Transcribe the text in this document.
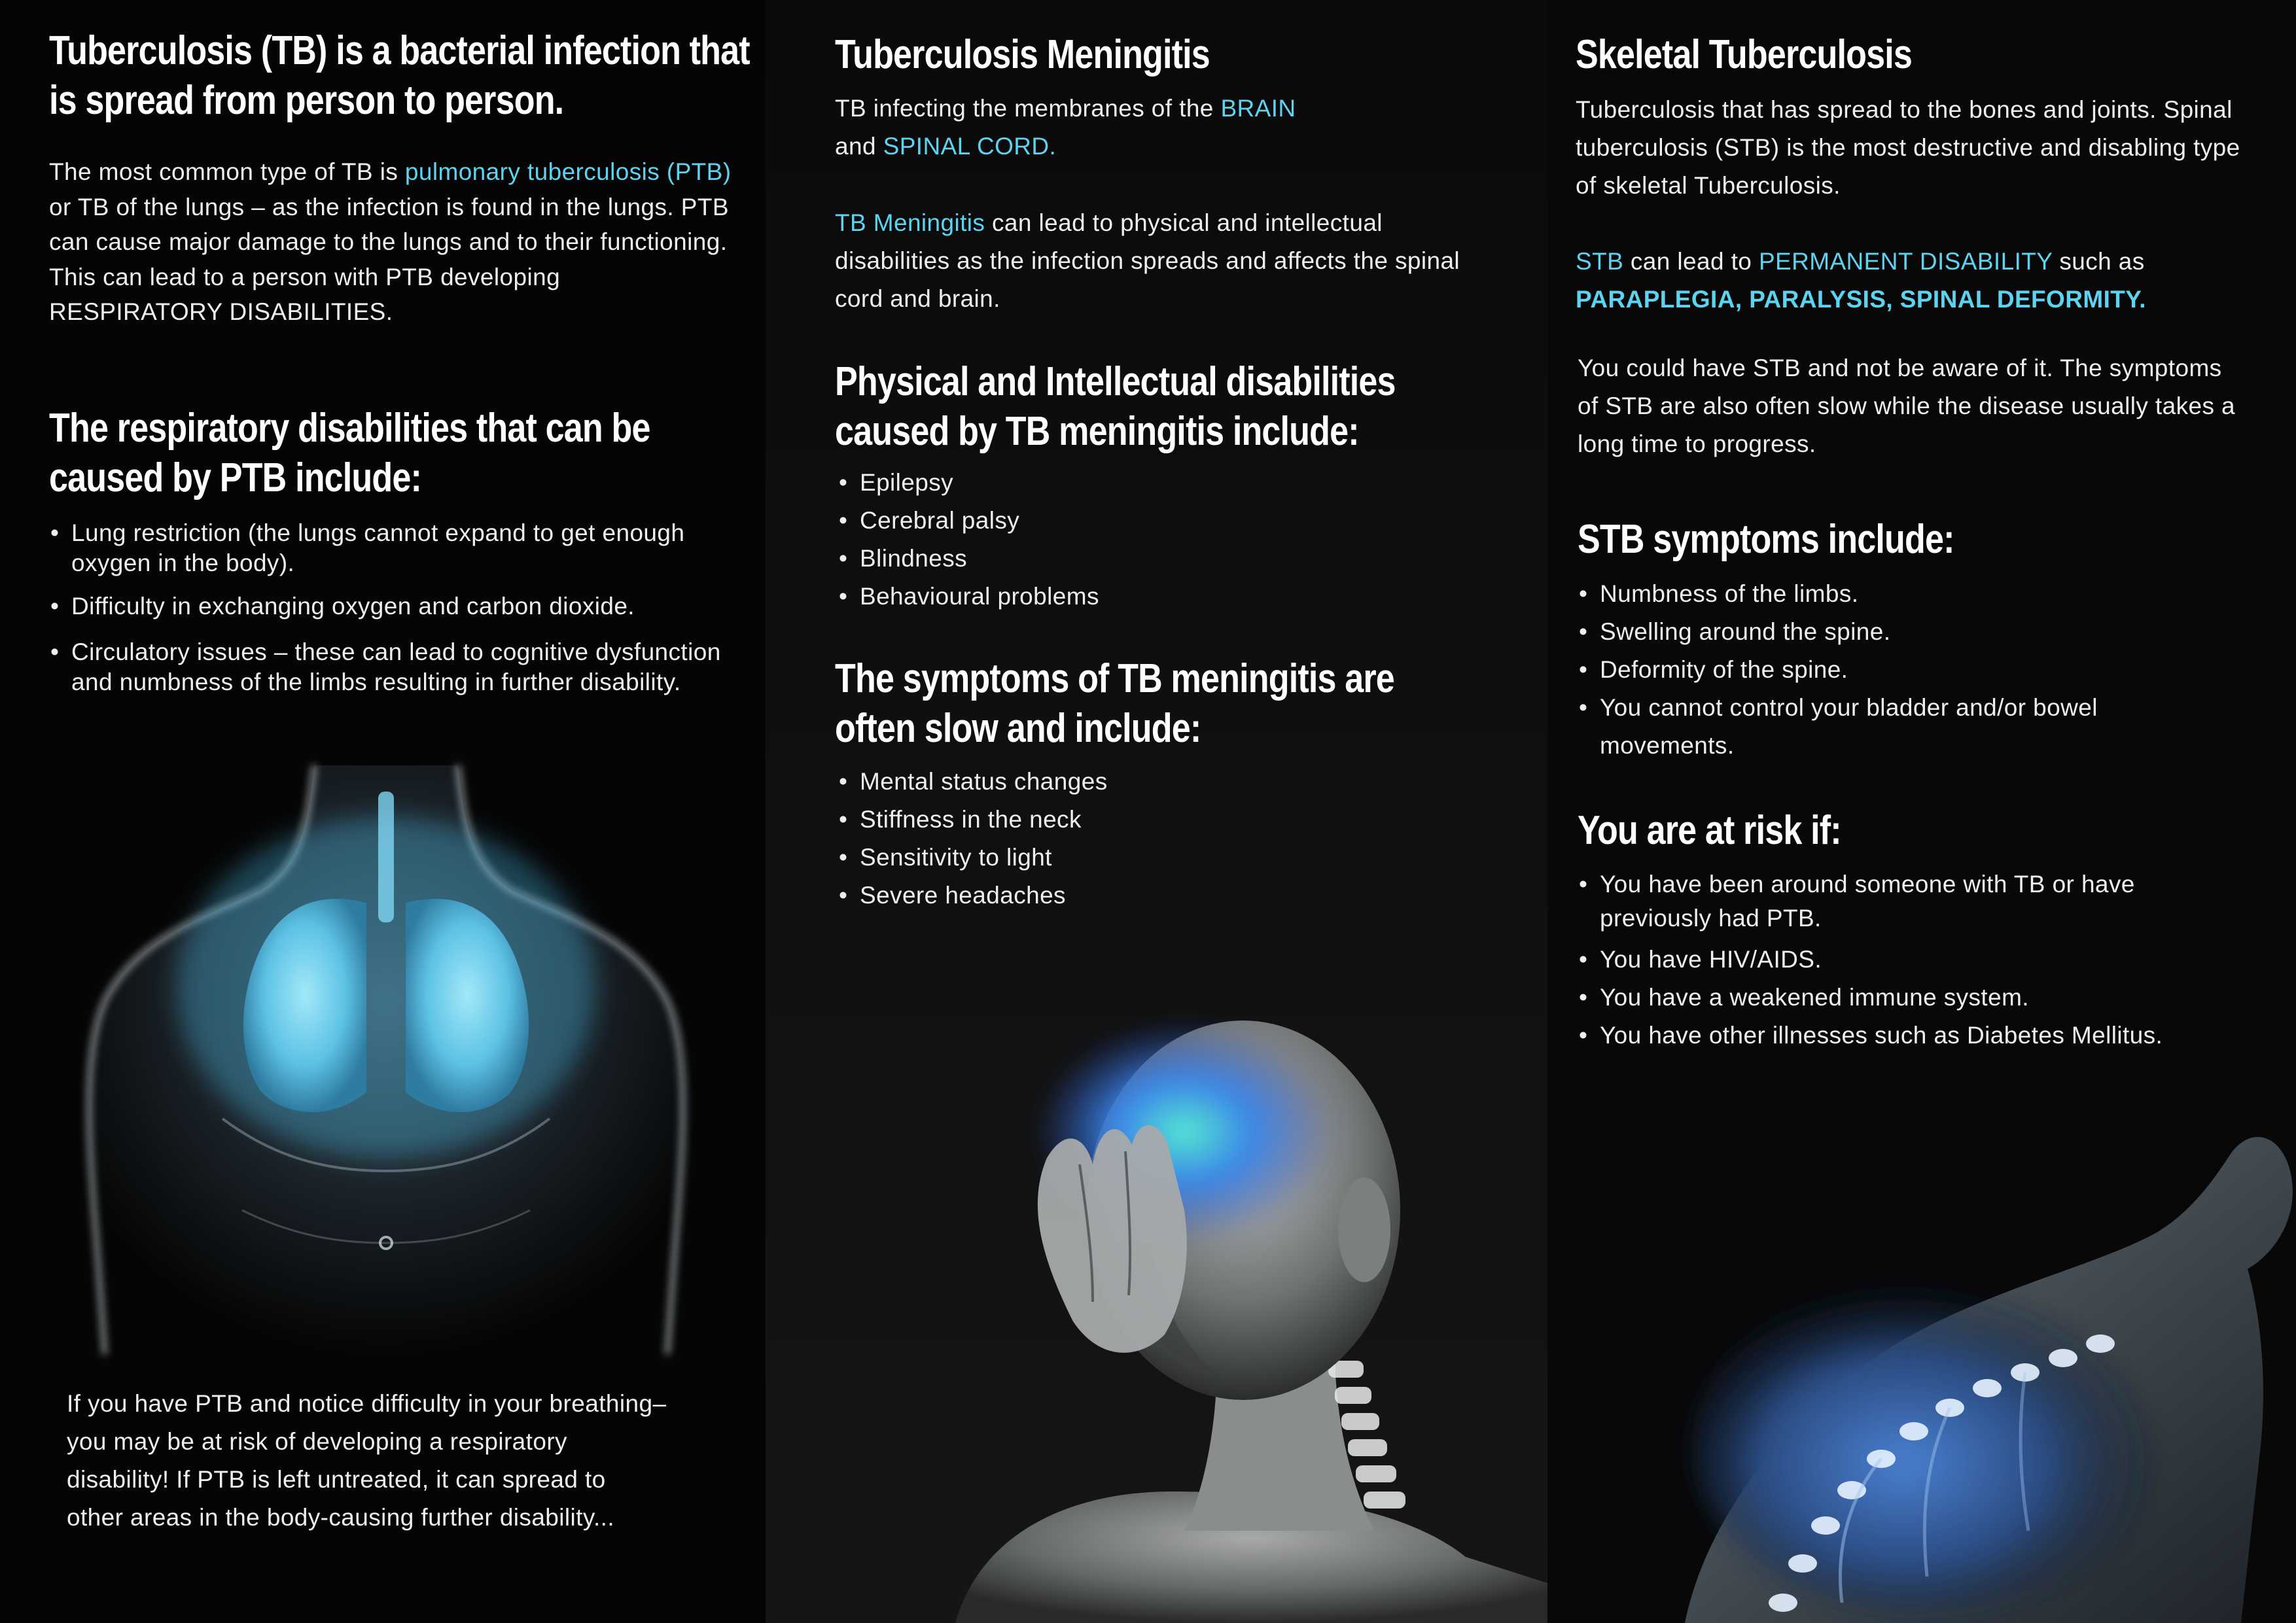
Tuberculosis (TB) is a bacterial infection that is spread from person to person.

The most common type of TB is pulmonary tuberculosis (PTB) or TB of the lungs – as the infection is found in the lungs. PTB can cause major damage to the lungs and to their functioning. This can lead to a person with PTB developing RESPIRATORY DISABILITIES.

The respiratory disabilities that can be caused by PTB include:
• Lung restriction (the lungs cannot expand to get enough oxygen in the body).
• Difficulty in exchanging oxygen and carbon dioxide.
• Circulatory issues – these can lead to cognitive dysfunction and numbness of the limbs resulting in further disability.

If you have PTB and notice difficulty in your breathing–you may be at risk of developing a respiratory disability! If PTB is left untreated, it can spread to other areas in the body-causing further disability...

Tuberculosis Meningitis

TB infecting the membranes of the BRAIN
and SPINAL CORD.

TB Meningitis can lead to physical and intellectual disabilities as the infection spreads and affects the spinal cord and brain.

Physical and Intellectual disabilities caused by TB meningitis include:
• Epilepsy
• Cerebral palsy
• Blindness
• Behavioural problems
The symptoms of TB meningitis are often slow and include:
• Mental status changes
• Stiffness in the neck
• Sensitivity to light
• Severe headaches
Skeletal Tuberculosis

Tuberculosis that has spread to the bones and joints. Spinal tuberculosis (STB) is the most destructive and disabling type of skeletal Tuberculosis.

STB can lead to PERMANENT DISABILITY such as
PARAPLEGIA, PARALYSIS, SPINAL DEFORMITY.

You could have STB and not be aware of it. The symptoms of STB are also often slow while the disease usually takes a long time to progress.

STB symptoms include:
• Numbness of the limbs.
• Swelling around the spine.
• Deformity of the spine.
• You cannot control your bladder and/or bowel movements.
You are at risk if:
• You have been around someone with TB or have previously had PTB.
• You have HIV/AIDS.
• You have a weakened immune system.
• You have other illnesses such as Diabetes Mellitus.
